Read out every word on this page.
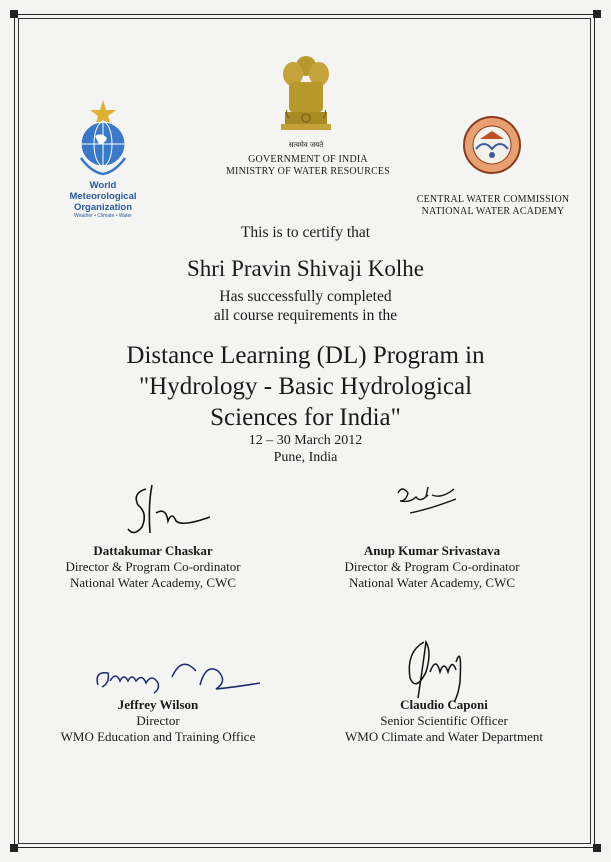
World
Meteorological
Organization
Weather • Climate • Water
सत्यमेव जयते
GOVERNMENT OF INDIA
MINISTRY OF WATER RESOURCES
CENTRAL WATER COMMISSION
NATIONAL WATER ACADEMY
This is to certify that
Shri Pravin Shivaji Kolhe
Has successfully completed
all course requirements in the
Distance Learning (DL) Program in
"Hydrology - Basic Hydrological
Sciences for India"
12 – 30 March 2012
Pune, India
Dattakumar Chaskar
Director & Program Co-ordinator
National Water Academy, CWC
Anup Kumar Srivastava
Director & Program Co-ordinator
National Water Academy, CWC
Jeffrey Wilson
Director
WMO Education and Training Office
Claudio Caponi
Senior Scientific Officer
WMO Climate and Water Department
